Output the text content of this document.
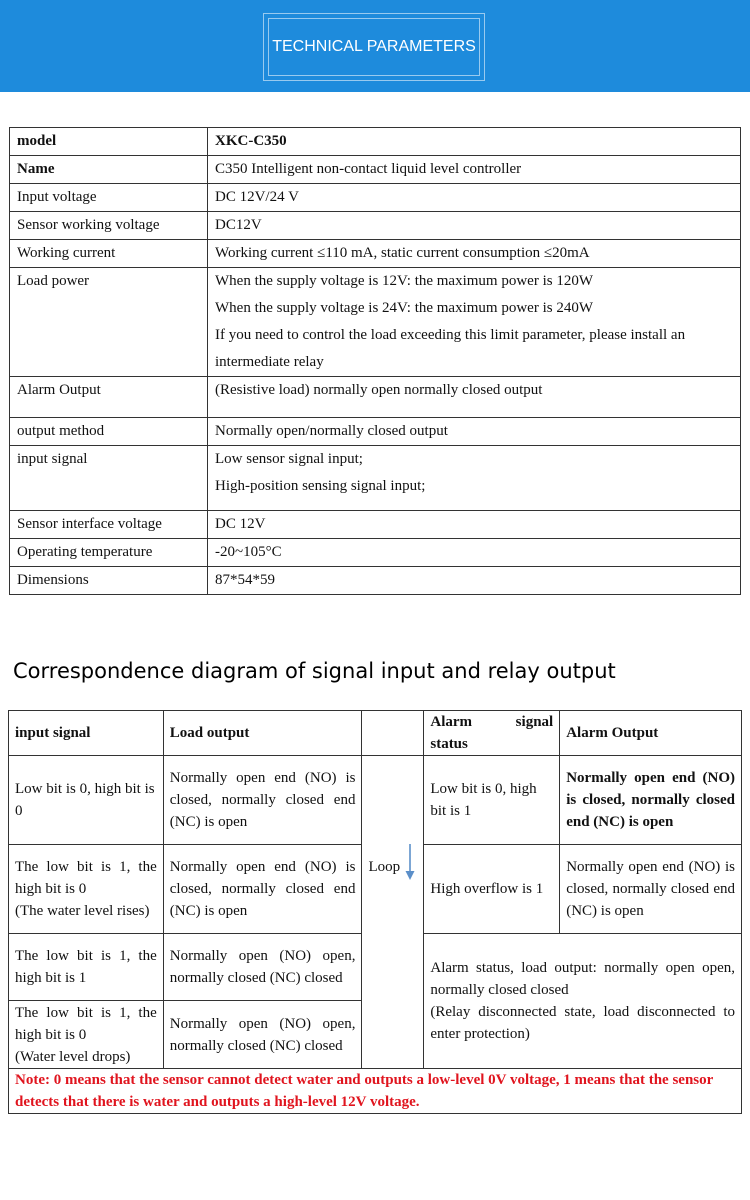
TECHNICAL PARAMETERS
model	XKC-C350
Name	C350 Intelligent non-contact liquid level controller
Input voltage	DC 12V/24 V
Sensor working voltage	DC12V
Working current	Working current ≤110 mA, static current consumption ≤20mA
Load power	When the supply voltage is 12V: the maximum power is 120W
When the supply voltage is 24V: the maximum power is 240W
If you need to control the load exceeding this limit parameter, please install an intermediate relay

Alarm Output	(Resistive load) normally open normally closed output
output method	Normally open/normally closed output
input signal	Low sensor signal input;
High-position sensing signal input;

Sensor interface voltage	DC 12V
Operating temperature	-20~105°C
Dimensions	87*54*59
Correspondence diagram of signal input and relay output
input signal	Load output		Alarm signal status	Alarm Output
Low bit is 0, high bit is 0	Normally open end (NO) is closed, normally closed end (NC) is open	Loop	Low bit is 0, high bit is 1	Normally open end (NO) is closed, normally closed end (NC) is open

The low bit is 1, the high bit is 0
(The water level rises)	Normally open end (NO) is closed, normally closed end (NC) is open		High overflow is 1	Normally open end (NO) is closed, normally closed end (NC) is open
The low bit is 1, the high bit is 1	Normally open (NO) open, normally closed (NC) closed		Alarm status, load output: normally open open, normally closed closed
(Relay disconnected state, load disconnected to enter protection)	

The low bit is 1, the high bit is 0
(Water level drops)	Normally open (NO) open, normally closed (NC) closed			
Note: 0 means that the sensor cannot detect water and outputs a low-level 0V voltage, 1 means that the sensor detects that there is water and outputs a high-level 12V voltage.				
